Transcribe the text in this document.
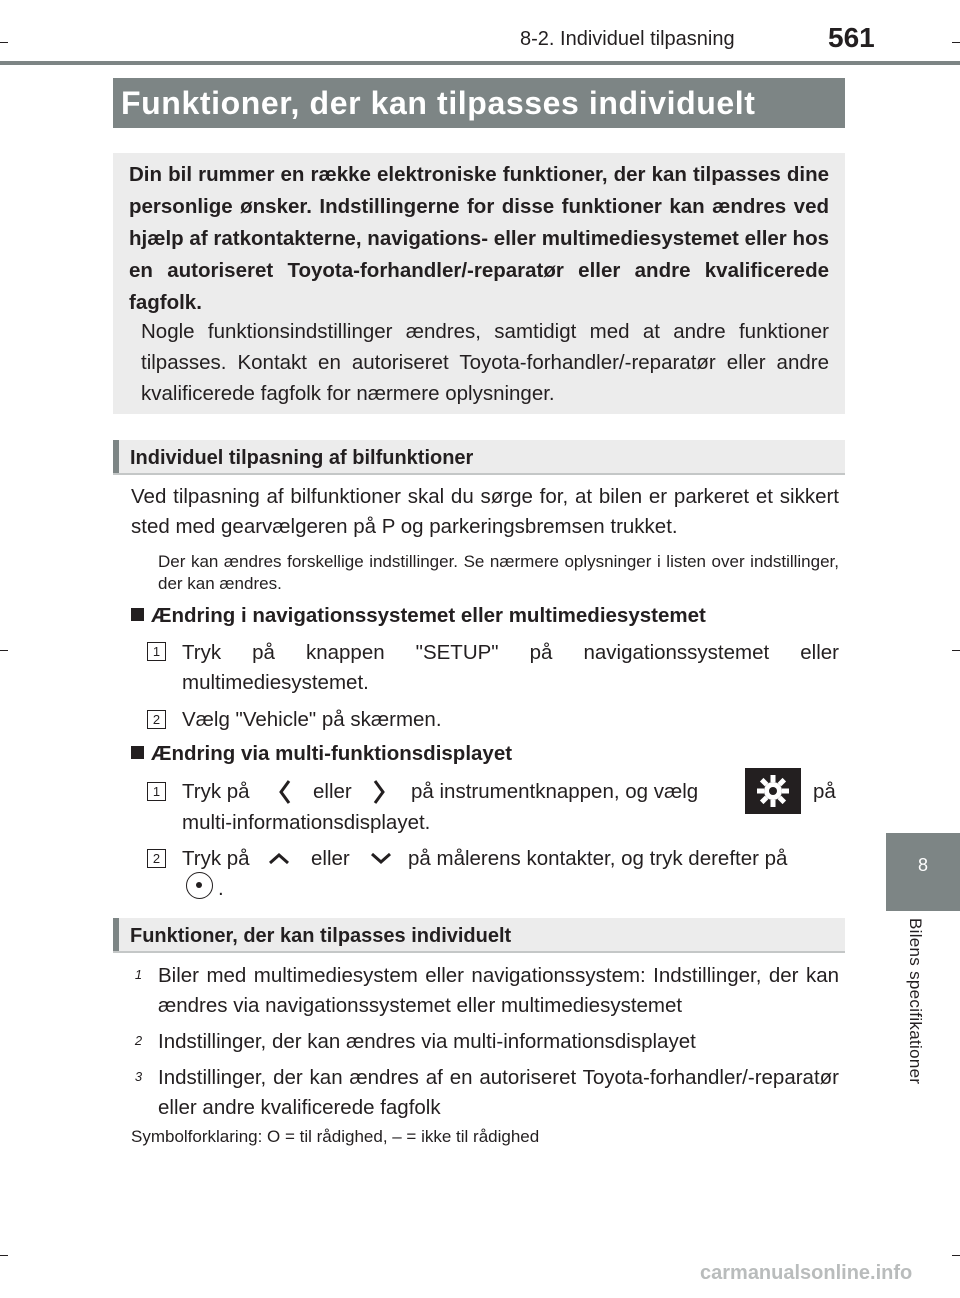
8-2. Individuel tilpasning	561
8
Bilens specifikationer
Funktioner, der kan tilpasses individuelt
Din bil rummer en række elektroniske funktioner, der kan tilpasses dine personlige ønsker. Indstillingerne for disse funktioner kan ændres ved hjælp af ratkontakterne, navigations- eller multimediesystemet eller hos en autoriseret Toyota-forhandler/-reparatør eller andre kvalificerede fagfolk.
Nogle funktionsindstillinger ændres, samtidigt med at andre funktioner tilpasses. Kontakt en autoriseret Toyota-forhandler/-reparatør eller andre kvalificerede fagfolk for nærmere oplysninger.
Individuel tilpasning af bilfunktioner
Ved tilpasning af bilfunktioner skal du sørge for, at bilen er parkeret et sikkert sted med gearvælgeren på P og parkeringsbremsen trukket.
Der kan ændres forskellige indstillinger. Se nærmere oplysninger i listen over indstillinger, der kan ændres.
Ændring i navigationssystemet eller multimediesystemet
1 Tryk på knappen "SETUP" på navigationssystemet eller multimediesystemet.
2 Vælg "Vehicle" på skærmen.
Ændring via multi-funktionsdisplayet
1 Tryk på	eller	på instrumentknappen, og vælg	på
multi-informationsdisplayet.
2 Tryk på	eller	på målerens kontakter, og tryk derefter på
.
Funktioner, der kan tilpasses individuelt
1 Biler med multimediesystem eller navigationssystem: Indstillinger, der kan ændres via navigationssystemet eller multimediesystemet
2 Indstillinger, der kan ændres via multi-informationsdisplayet
3 Indstillinger, der kan ændres af en autoriseret Toyota-forhandler/-reparatør eller andre kvalificerede fagfolk
Symbolforklaring: O = til rådighed, – = ikke til rådighed
carmanualsonline.info
